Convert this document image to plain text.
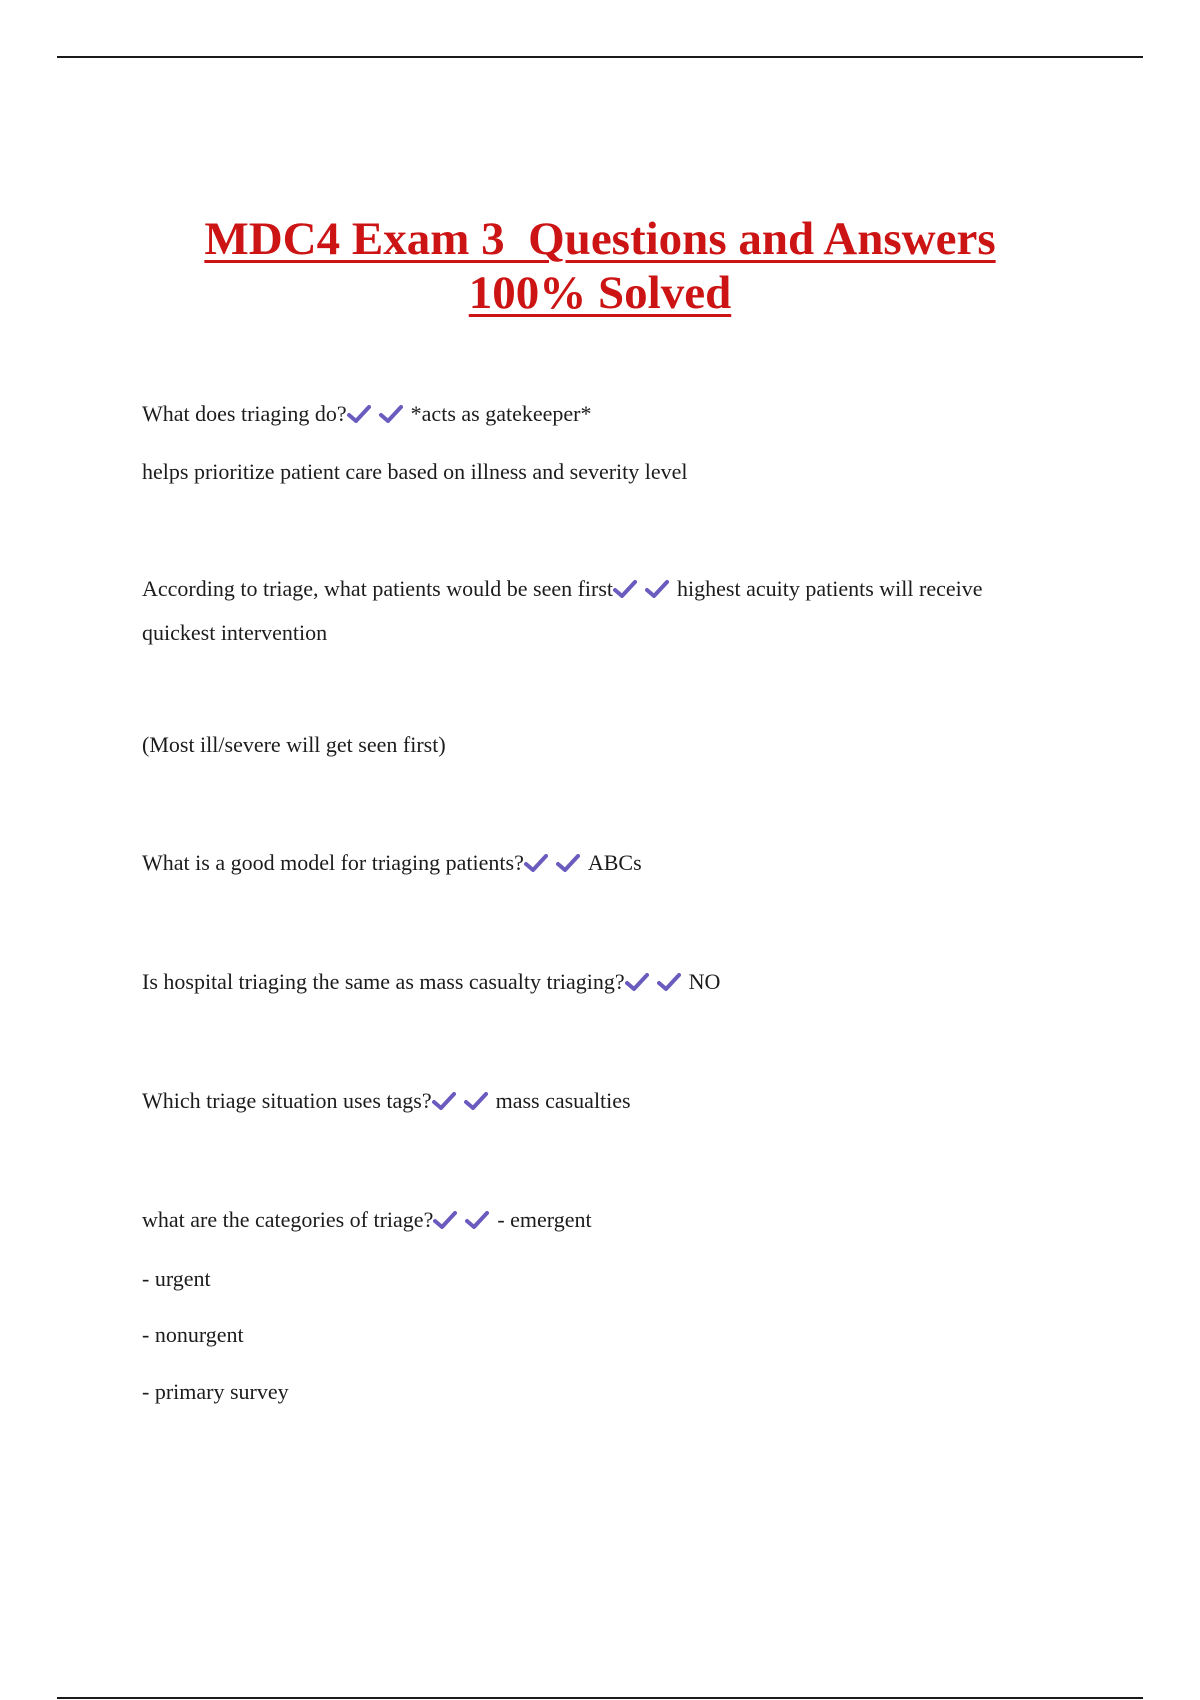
MDC4 Exam 3  Questions and Answers
100% Solved
What does triaging do?	*acts as gatekeeper*
helps prioritize patient care based on illness and severity level
According to triage, what patients would be seen first	highest acuity patients will receive
quickest intervention
(Most ill/severe will get seen first)
What is a good model for triaging patients?	ABCs
Is hospital triaging the same as mass casualty triaging?	NO
Which triage situation uses tags?	mass casualties
what are the categories of triage?	- emergent
- urgent
- nonurgent
- primary survey
